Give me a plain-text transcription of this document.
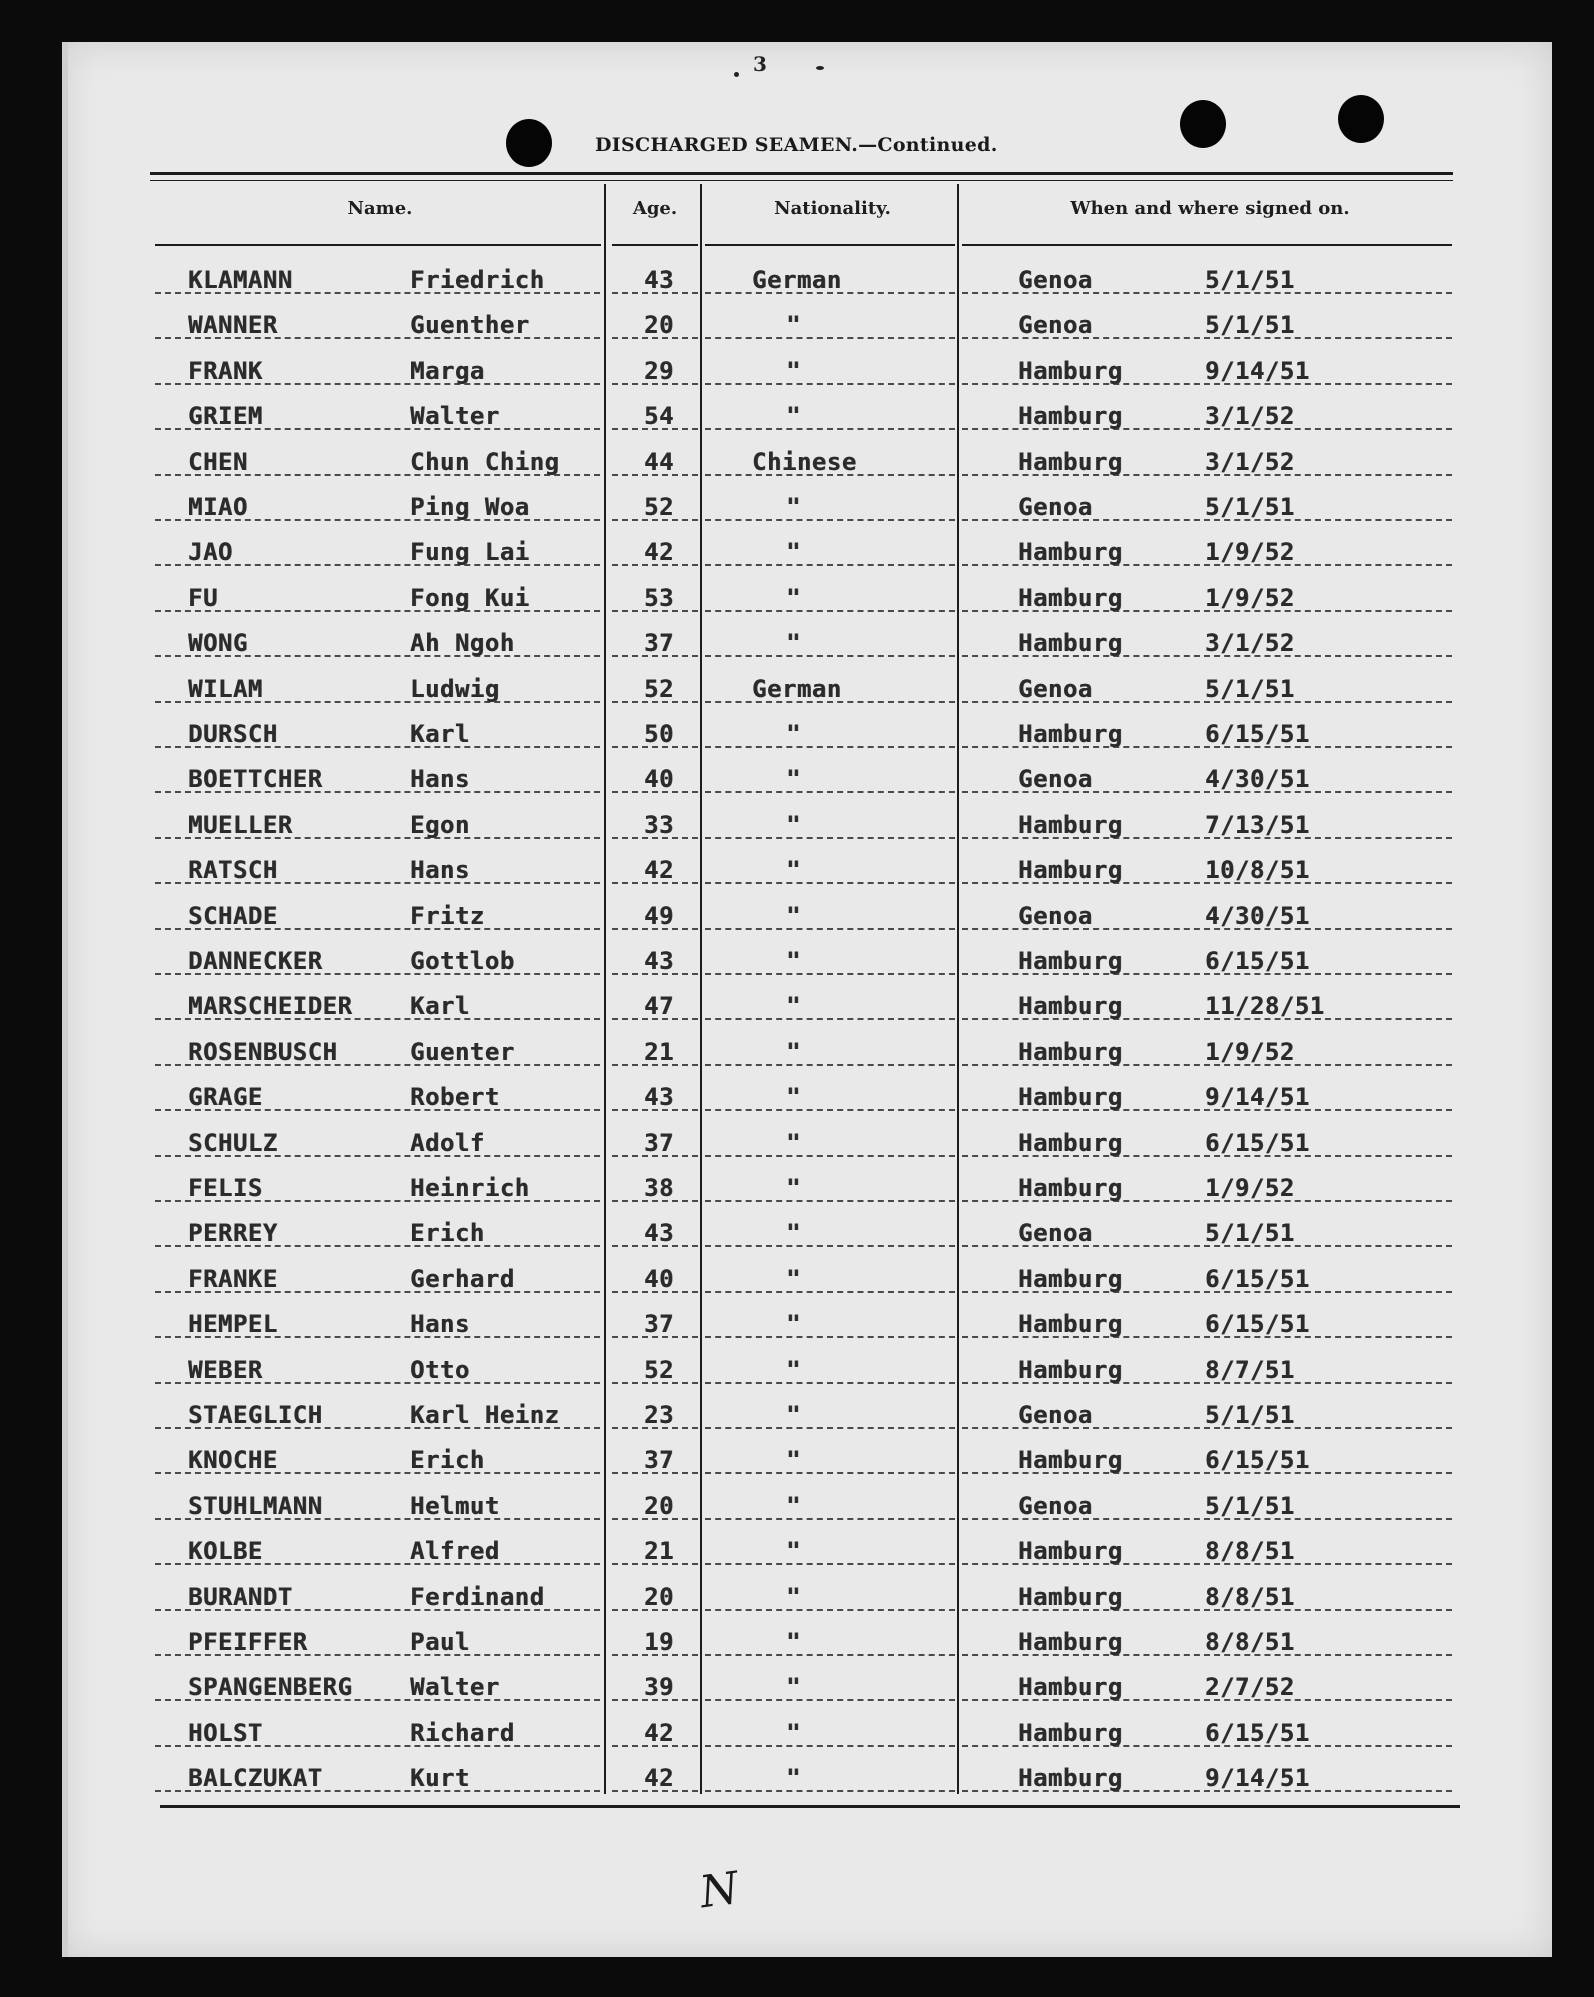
3
DISCHARGED SEAMEN.—Continued.
Name.	Age.	Nationality.	When and where signed on.
KLAMANN	Friedrich	43	German	Genoa	5/1/51
WANNER	Guenther	20	"	Genoa	5/1/51
FRANK	Marga	29	"	Hamburg	9/14/51
GRIEM	Walter	54	"	Hamburg	3/1/52
CHEN	Chun Ching	44	Chinese	Hamburg	3/1/52
MIAO	Ping Woa	52	"	Genoa	5/1/51
JAO	Fung Lai	42	"	Hamburg	1/9/52
FU	Fong Kui	53	"	Hamburg	1/9/52
WONG	Ah Ngoh	37	"	Hamburg	3/1/52
WILAM	Ludwig	52	German	Genoa	5/1/51
DURSCH	Karl	50	"	Hamburg	6/15/51
BOETTCHER	Hans	40	"	Genoa	4/30/51
MUELLER	Egon	33	"	Hamburg	7/13/51
RATSCH	Hans	42	"	Hamburg	10/8/51
SCHADE	Fritz	49	"	Genoa	4/30/51
DANNECKER	Gottlob	43	"	Hamburg	6/15/51
MARSCHEIDER Karl	47	"	Hamburg	11/28/51
ROSENBUSCH	Guenter	21	"	Hamburg	1/9/52
GRAGE	Robert	43	"	Hamburg	9/14/51
SCHULZ	Adolf	37	"	Hamburg	6/15/51
FELIS	Heinrich	38	"	Hamburg	1/9/52
PERREY	Erich	43	"	Genoa	5/1/51
FRANKE	Gerhard	40	"	Hamburg	6/15/51
HEMPEL	Hans	37	"	Hamburg	6/15/51
WEBER	Otto	52	"	Hamburg	8/7/51
STAEGLICH	Karl Heinz	23	"	Genoa	5/1/51
KNOCHE	Erich	37	"	Hamburg	6/15/51
STUHLMANN	Helmut	20	"	Genoa	5/1/51
KOLBE	Alfred	21	"	Hamburg	8/8/51
BURANDT	Ferdinand	20	"	Hamburg	8/8/51
PFEIFFER	Paul	19	"	Hamburg	8/8/51
SPANGENBERG Walter	39	"	Hamburg	2/7/52
HOLST	Richard	42	"	Hamburg	6/15/51
BALCZUKAT	Kurt	42	"	Hamburg	9/14/51
N
